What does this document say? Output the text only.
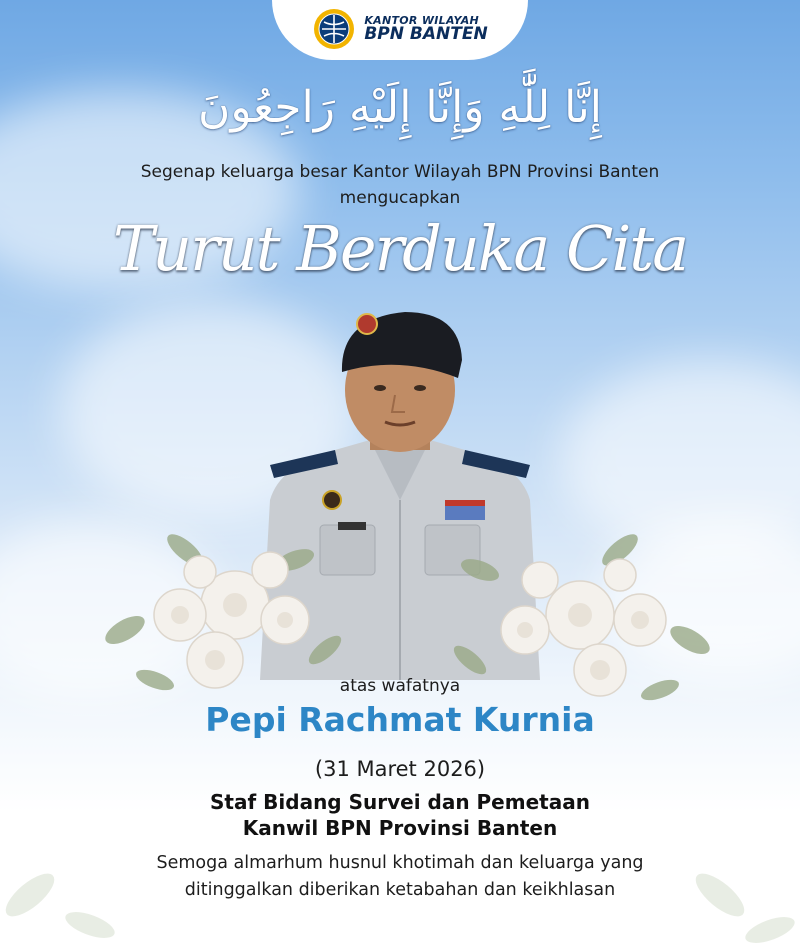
KANTOR WILAYAH
BPN BANTEN
إِنَّا لِلَّٰهِ وَإِنَّا إِلَيْهِ رَاجِعُونَ
Segenap keluarga besar Kantor Wilayah BPN Provinsi Banten
mengucapkan
Turut Berduka Cita
atas wafatnya
Pepi Rachmat Kurnia
(31 Maret 2026)
Staf Bidang Survei dan Pemetaan
Kanwil BPN Provinsi Banten
Semoga almarhum husnul khotimah dan keluarga yang
ditinggalkan diberikan ketabahan dan keikhlasan
